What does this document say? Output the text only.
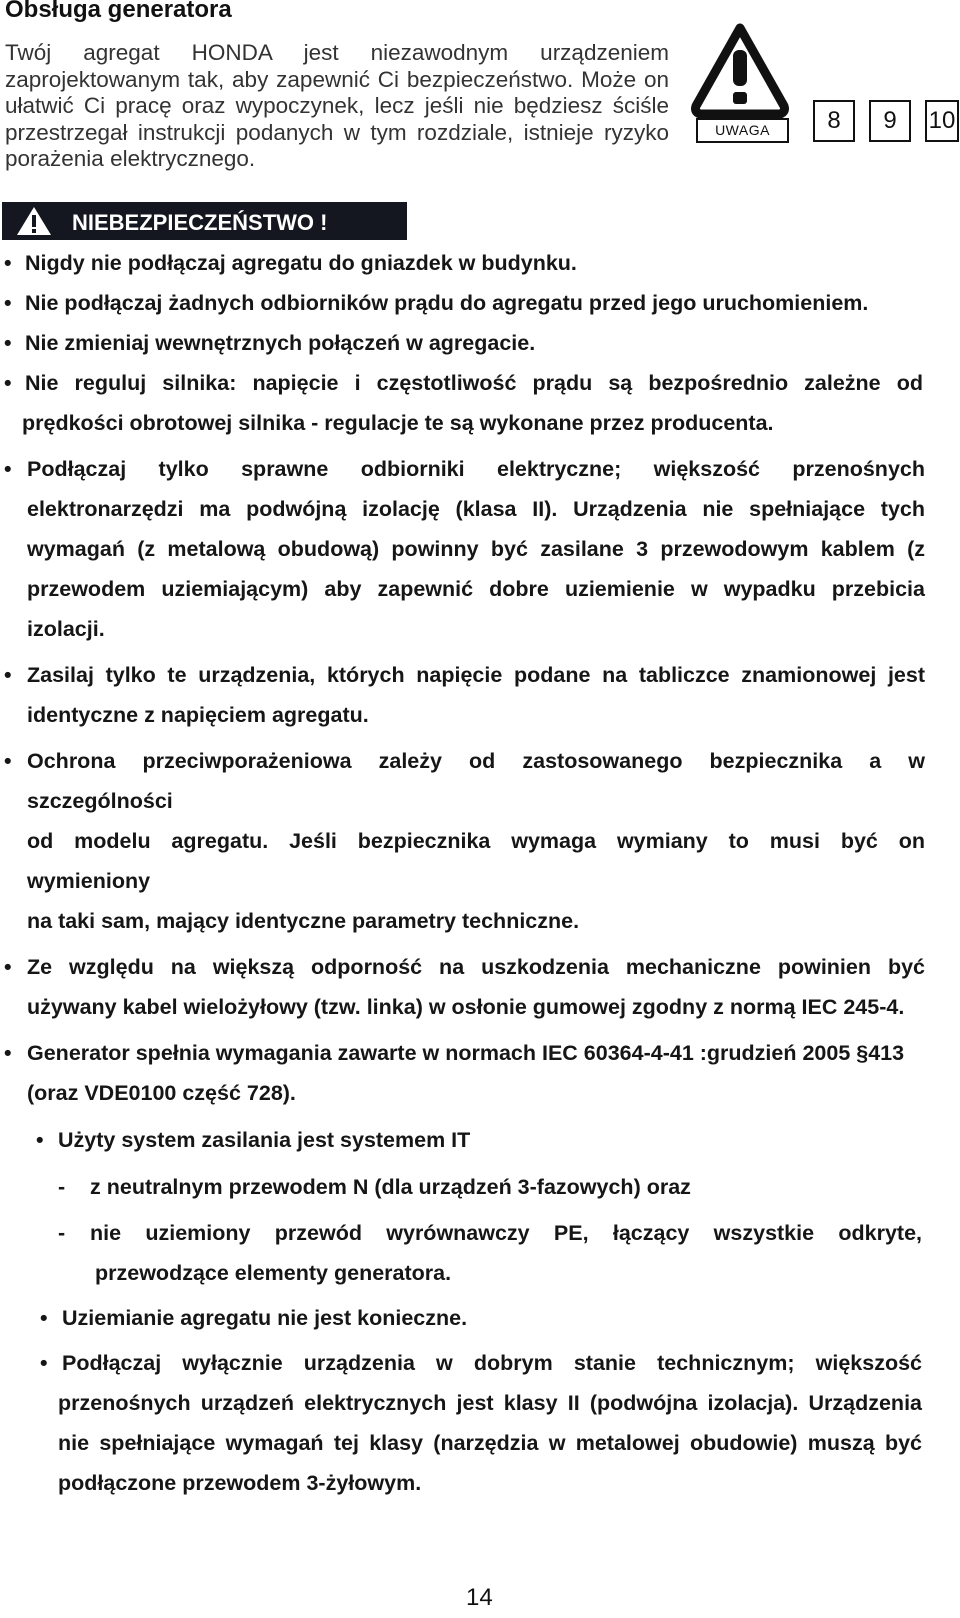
Obsługa generatora
Twój agregat HONDA jest niezawodnym urządzeniem zaprojektowanym tak, aby zapewnić Ci bezpieczeństwo. Może on ułatwić Ci pracę oraz wypoczynek, lecz jeśli nie będziesz ściśle przestrzegał instrukcji podanych w tym rozdziale, istnieje ryzyko porażenia elektrycznego.
UWAGA	8	9	10
NIEBEZPIECZEŃSTWO !
• Nigdy nie podłączaj agregatu do gniazdek w budynku.
• Nie podłączaj żadnych odbiorników prądu do agregatu przed jego uruchomieniem.
• Nie zmieniaj wewnętrznych połączeń w agregacie.
• Nie reguluj silnika: napięcie i częstotliwość prądu są bezpośrednio zależne od
prędkości obrotowej silnika - regulacje te są wykonane przez producenta.
• Podłączaj tylko sprawne odbiorniki elektryczne; większość przenośnych
elektronarzędzi ma podwójną izolację (klasa II). Urządzenia nie spełniające tych
wymagań (z metalową obudową) powinny być zasilane 3 przewodowym kablem (z
przewodem uziemiającym) aby zapewnić dobre uziemienie w wypadku przebicia
izolacji.
• Zasilaj tylko te urządzenia, których napięcie podane na tabliczce znamionowej jest
identyczne z napięciem agregatu.
• Ochrona przeciwporażeniowa zależy od zastosowanego bezpiecznika a w
szczególności
od modelu agregatu. Jeśli bezpiecznika wymaga wymiany to musi być on
wymieniony
na taki sam, mający identyczne parametry techniczne.
• Ze względu na większą odporność na uszkodzenia mechaniczne powinien być
używany kabel wielożyłowy (tzw. linka) w osłonie gumowej zgodny z normą IEC 245-4.
• Generator spełnia wymagania zawarte w normach IEC 60364-4-41 :grudzień 2005 §413
(oraz VDE0100 część 728).
• Użyty system zasilania jest systemem IT
- z neutralnym przewodem N (dla urządzeń 3-fazowych) oraz
- nie uziemiony przewód wyrównawczy PE, łączący wszystkie odkryte,
przewodzące elementy generatora.
• Uziemianie agregatu nie jest konieczne.
• Podłączaj wyłącznie urządzenia w dobrym stanie technicznym; większość
przenośnych urządzeń elektrycznych jest klasy II (podwójna izolacja). Urządzenia
nie spełniające wymagań tej klasy (narzędzia w metalowej obudowie) muszą być
podłączone przewodem 3-żyłowym.
14
